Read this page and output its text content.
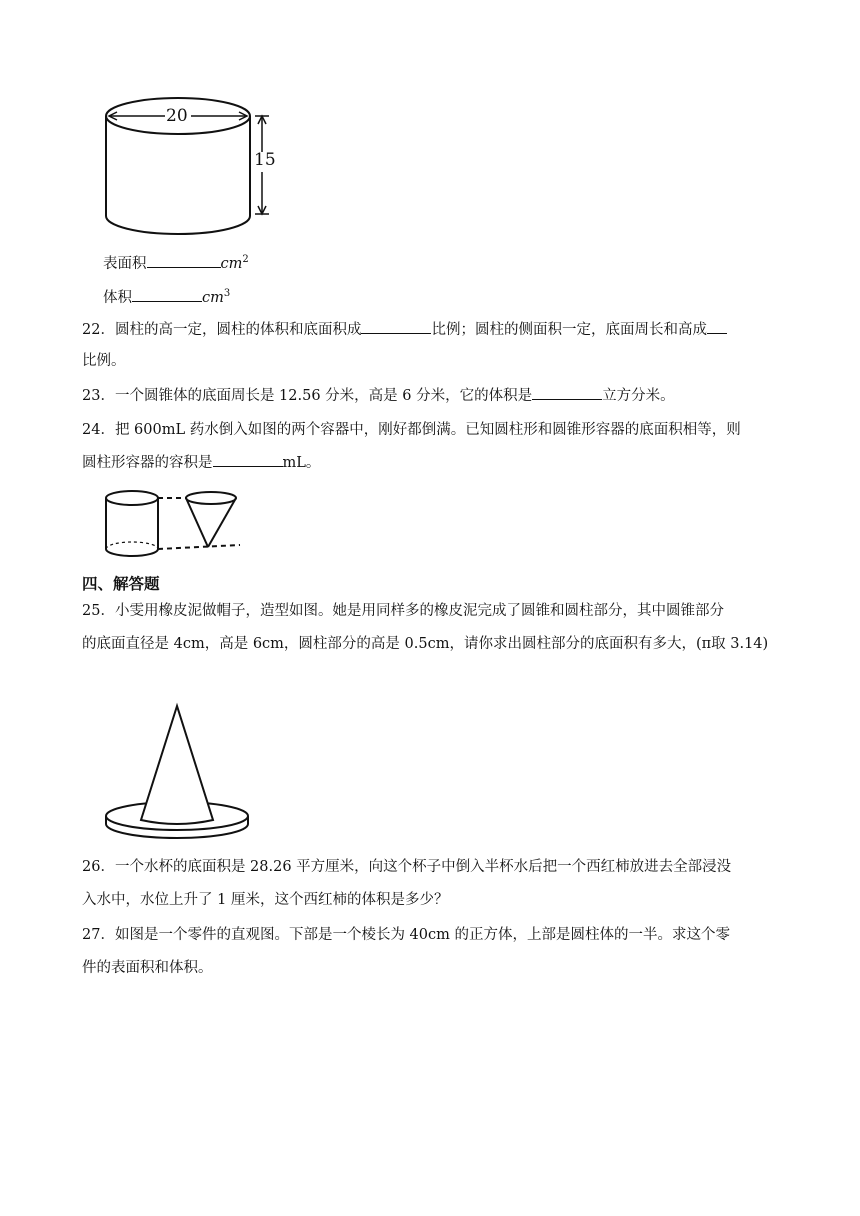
20
15
表面积	$cm^2$
体积	$cm^3$
22．圆柱的高一定，圆柱的体积和底面积成	比例；圆柱的侧面积一定，底面周长和高成
比例。
23．一个圆锥体的底面周长是 12.56 分米，高是 6 分米，它的体积是	立方分米。
24．把 600mL 药水倒入如图的两个容器中，刚好都倒满。已知圆柱形和圆锥形容器的底面积相等，则
圆柱形容器的容积是	mL。
四、解答题
25．小雯用橡皮泥做帽子，造型如图。她是用同样多的橡皮泥完成了圆锥和圆柱部分，其中圆锥部分
的底面直径是 4cm，高是 6cm，圆柱部分的高是 0.5cm，请你求出圆柱部分的底面积有多大，(π取 3.14)
26．一个水杯的底面积是 28.26 平方厘米，向这个杯子中倒入半杯水后把一个西红柿放进去全部浸没
入水中，水位上升了 1 厘米，这个西红柿的体积是多少？
27．如图是一个零件的直观图。下部是一个棱长为 40cm 的正方体，上部是圆柱体的一半。求这个零
件的表面积和体积。
